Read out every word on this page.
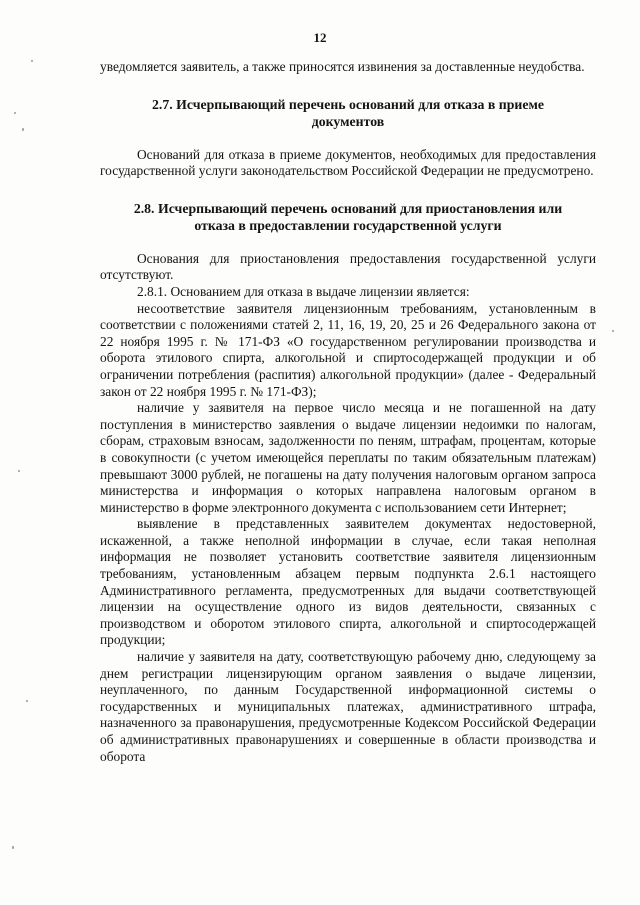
12

уведомляется заявитель, а также приносятся извинения за доставленные неудобства.

2.7. Исчерпывающий перечень оснований для отказа в приеме документов

Оснований для отказа в приеме документов, необходимых для предоставления государственной услуги законодательством Российской Федерации не предусмотрено.

2.8. Исчерпывающий перечень оснований для приостановления или отказа в предоставлении государственной услуги

Основания для приостановления предоставления государственной услуги отсутствуют.

2.8.1. Основанием для отказа в выдаче лицензии является:

несоответствие заявителя лицензионным требованиям, установленным в соответствии с положениями статей 2, 11, 16, 19, 20, 25 и 26 Федерального закона от 22 ноября 1995 г. № 171-ФЗ «О государственном регулировании производства и оборота этилового спирта, алкогольной и спиртосодержащей продукции и об ограничении потребления (распития) алкогольной продукции» (далее - Федеральный закон от 22 ноября 1995 г. № 171-ФЗ);

наличие у заявителя на первое число месяца и не погашенной на дату поступления в министерство заявления о выдаче лицензии недоимки по налогам, сборам, страховым взносам, задолженности по пеням, штрафам, процентам, которые в совокупности (с учетом имеющейся переплаты по таким обязательным платежам) превышают 3000 рублей, не погашены на дату получения налоговым органом запроса министерства и информация о которых направлена налоговым органом в министерство в форме электронного документа с использованием сети Интернет;

выявление в представленных заявителем документах недостоверной, искаженной, а также неполной информации в случае, если такая неполная информация не позволяет установить соответствие заявителя лицензионным требованиям, установленным абзацем первым подпункта 2.6.1 настоящего Административного регламента, предусмотренных для выдачи соответствующей лицензии на осуществление одного из видов деятельности, связанных с производством и оборотом этилового спирта, алкогольной и спиртосодержащей продукции;

наличие у заявителя на дату, соответствующую рабочему дню, следующему за днем регистрации лицензирующим органом заявления о выдаче лицензии, неуплаченного, по данным Государственной информационной системы о государственных и муниципальных платежах, административного штрафа, назначенного за правонарушения, предусмотренные Кодексом Российской Федерации об административных правонарушениях и совершенные в области производства и оборота
